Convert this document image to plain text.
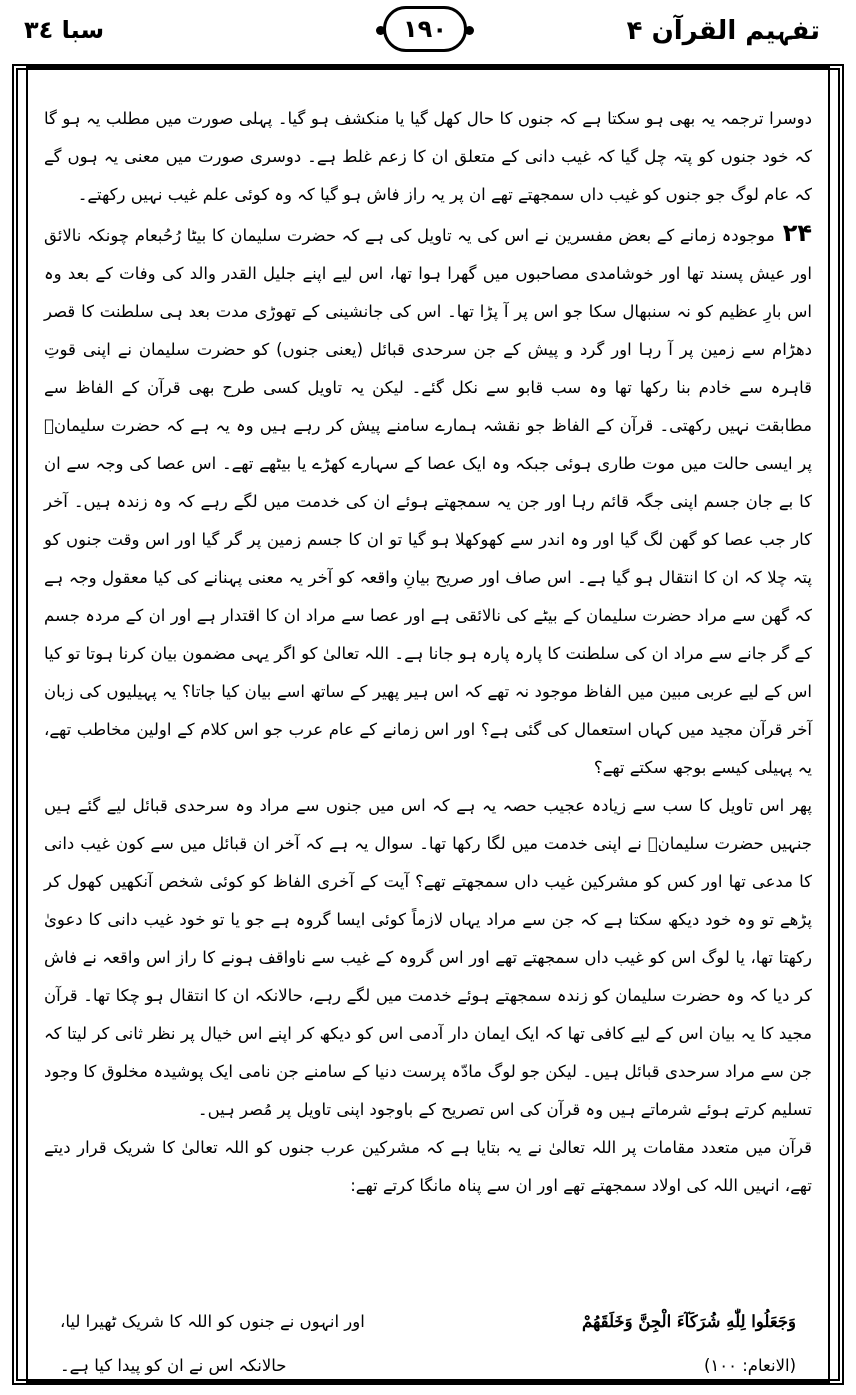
سبا ٣٤	١٩٠	تفہیم القرآن ۴

دوسرا ترجمہ یہ بھی ہو سکتا ہے کہ جنوں کا حال کھل گیا یا منکشف ہو گیا۔ پہلی صورت میں مطلب یہ ہو گا کہ خود جنوں کو پتہ چل گیا کہ غیب دانی کے متعلق ان کا زعم غلط ہے۔ دوسری صورت میں معنی یہ ہوں گے کہ عام لوگ جو جنوں کو غیب داں سمجھتے تھے ان پر یہ راز فاش ہو گیا کہ وہ کوئی علم غیب نہیں رکھتے۔

۲۴موجودہ زمانے کے بعض مفسرین نے اس کی یہ تاویل کی ہے کہ حضرت سلیمان کا بیٹا رُحُبعام چونکہ نالائق اور عیش پسند تھا اور خوشامدی مصاحبوں میں گھرا ہوا تھا، اس لیے اپنے جلیل القدر والد کی وفات کے بعد وہ اس بارِ عظیم کو نہ سنبھال سکا جو اس پر آ پڑا تھا۔ اس کی جانشینی کے تھوڑی مدت بعد ہی سلطنت کا قصر دھڑام سے زمین پر آ رہا اور گرد و پیش کے جن سرحدی قبائل (یعنی جنوں) کو حضرت سلیمان نے اپنی قوتِ قاہرہ سے خادم بنا رکھا تھا وہ سب قابو سے نکل گئے۔ لیکن یہ تاویل کسی طرح بھی قرآن کے الفاظ سے مطابقت نہیں رکھتی۔ قرآن کے الفاظ جو نقشہ ہمارے سامنے پیش کر رہے ہیں وہ یہ ہے کہ حضرت سلیمانؑ پر ایسی حالت میں موت طاری ہوئی جبکہ وہ ایک عصا کے سہارے کھڑے یا بیٹھے تھے۔ اس عصا کی وجہ سے ان کا بے جان جسم اپنی جگہ قائم رہا اور جن یہ سمجھتے ہوئے ان کی خدمت میں لگے رہے کہ وہ زندہ ہیں۔ آخر کار جب عصا کو گھن لگ گیا اور وہ اندر سے کھوکھلا ہو گیا تو ان کا جسم زمین پر گر گیا اور اس وقت جنوں کو پتہ چلا کہ ان کا انتقال ہو گیا ہے۔ اس صاف اور صریح بیانِ واقعہ کو آخر یہ معنی پہنانے کی کیا معقول وجہ ہے کہ گھن سے مراد حضرت سلیمان کے بیٹے کی نالائقی ہے اور عصا سے مراد ان کا اقتدار ہے اور ان کے مردہ جسم کے گر جانے سے مراد ان کی سلطنت کا پارہ پارہ ہو جانا ہے۔ اللہ تعالیٰ کو اگر یہی مضمون بیان کرنا ہوتا تو کیا اس کے لیے عربی مبین میں الفاظ موجود نہ تھے کہ اس ہیر پھیر کے ساتھ اسے بیان کیا جاتا؟ یہ پہیلیوں کی زبان آخر قرآن مجید میں کہاں استعمال کی گئی ہے؟ اور اس زمانے کے عام عرب جو اس کلام کے اولین مخاطب تھے، یہ پہیلی کیسے بوجھ سکتے تھے؟

پھر اس تاویل کا سب سے زیادہ عجیب حصہ یہ ہے کہ اس میں جنوں سے مراد وہ سرحدی قبائل لیے گئے ہیں جنہیں حضرت سلیمانؑ نے اپنی خدمت میں لگا رکھا تھا۔ سوال یہ ہے کہ آخر ان قبائل میں سے کون غیب دانی کا مدعی تھا اور کس کو مشرکین غیب داں سمجھتے تھے؟ آیت کے آخری الفاظ کو کوئی شخص آنکھیں کھول کر پڑھے تو وہ خود دیکھ سکتا ہے کہ جن سے مراد یہاں لازماً کوئی ایسا گروہ ہے جو یا تو خود غیب دانی کا دعویٰ رکھتا تھا، یا لوگ اس کو غیب داں سمجھتے تھے اور اس گروہ کے غیب سے ناواقف ہونے کا راز اس واقعہ نے فاش کر دیا کہ وہ حضرت سلیمان کو زندہ سمجھتے ہوئے خدمت میں لگے رہے، حالانکہ ان کا انتقال ہو چکا تھا۔ قرآن مجید کا یہ بیان اس کے لیے کافی تھا کہ ایک ایمان دار آدمی اس کو دیکھ کر اپنے اس خیال پر نظر ثانی کر لیتا کہ جن سے مراد سرحدی قبائل ہیں۔ لیکن جو لوگ مادّہ پرست دنیا کے سامنے جن نامی ایک پوشیدہ مخلوق کا وجود تسلیم کرتے ہوئے شرماتے ہیں وہ قرآن کی اس تصریح کے باوجود اپنی تاویل پر مُصر ہیں۔

قرآن میں متعدد مقامات پر اللہ تعالیٰ نے یہ بتایا ہے کہ مشرکین عرب جنوں کو اللہ تعالیٰ کا شریک قرار دیتے تھے، انہیں اللہ کی اولاد سمجھتے تھے اور ان سے پناہ مانگا کرتے تھے:

وَجَعَلُوا لِلّٰهِ شُرَكَآءَ الْجِنَّ وَخَلَقَهُمْ
اور انہوں نے جنوں کو اللہ کا شریک ٹھیرا لیا،
(الانعام: ۱۰۰)
حالانکہ اس نے ان کو پیدا کیا ہے۔
